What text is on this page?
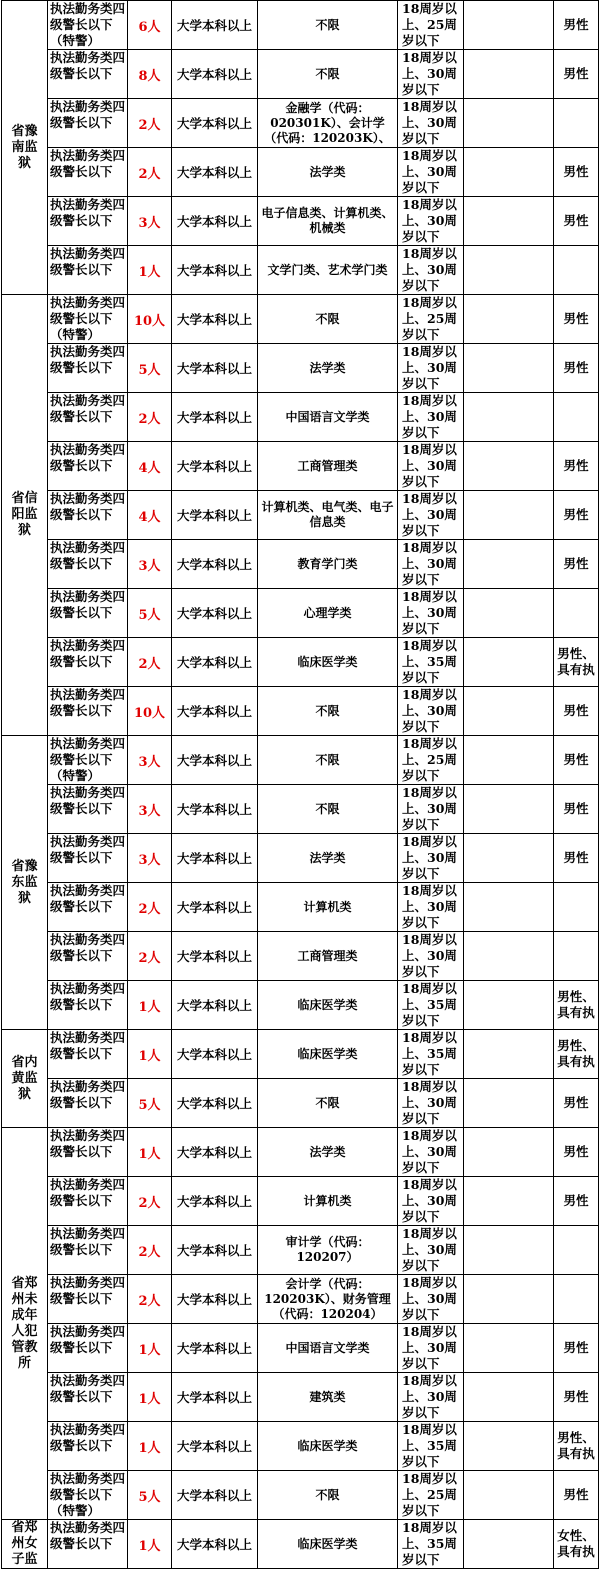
省豫南监狱	执法勤务类四级警长以下（特警）	6人	大学本科以上	不限	18周岁以上、25周岁以下		男性

	执法勤务类四级警长以下	8人	大学本科以上	不限	18周岁以上、30周岁以下		男性

	执法勤务类四级警长以下	2人	大学本科以上	金融学（代码：020301K）、会计学（代码：120203K）、	18周岁以上、30周岁以下		

	执法勤务类四级警长以下	2人	大学本科以上	法学类	18周岁以上、30周岁以下		男性

	执法勤务类四级警长以下	3人	大学本科以上	电子信息类、计算机类、机械类	18周岁以上、30周岁以下		男性

	执法勤务类四级警长以下	1人	大学本科以上	文学门类、艺术学门类	18周岁以上、30周岁以下		

省信阳监狱	执法勤务类四级警长以下（特警）	10人	大学本科以上	不限	18周岁以上、25周岁以下		男性

	执法勤务类四级警长以下	5人	大学本科以上	法学类	18周岁以上、30周岁以下		男性

	执法勤务类四级警长以下	2人	大学本科以上	中国语言文学类	18周岁以上、30周岁以下		

	执法勤务类四级警长以下	4人	大学本科以上	工商管理类	18周岁以上、30周岁以下		男性

	执法勤务类四级警长以下	4人	大学本科以上	计算机类、电气类、电子信息类	18周岁以上、30周岁以下		男性

	执法勤务类四级警长以下	3人	大学本科以上	教育学门类	18周岁以上、30周岁以下		男性

	执法勤务类四级警长以下	5人	大学本科以上	心理学类	18周岁以上、30周岁以下		

	执法勤务类四级警长以下	2人	大学本科以上	临床医学类	18周岁以上、35周岁以下		男性、具有执

	执法勤务类四级警长以下	10人	大学本科以上	不限	18周岁以上、30周岁以下		男性

省豫东监狱	执法勤务类四级警长以下（特警）	3人	大学本科以上	不限	18周岁以上、25周岁以下		男性

	执法勤务类四级警长以下	3人	大学本科以上	不限	18周岁以上、30周岁以下		男性

	执法勤务类四级警长以下	3人	大学本科以上	法学类	18周岁以上、30周岁以下		男性

	执法勤务类四级警长以下	2人	大学本科以上	计算机类	18周岁以上、30周岁以下		

	执法勤务类四级警长以下	2人	大学本科以上	工商管理类	18周岁以上、30周岁以下		

	执法勤务类四级警长以下	1人	大学本科以上	临床医学类	18周岁以上、35周岁以下		男性、具有执

省内黄监狱	执法勤务类四级警长以下	1人	大学本科以上	临床医学类	18周岁以上、35周岁以下		男性、具有执

	执法勤务类四级警长以下	5人	大学本科以上	不限	18周岁以上、30周岁以下		男性

省郑州未成年人犯管教所	执法勤务类四级警长以下	1人	大学本科以上	法学类	18周岁以上、30周岁以下		男性

	执法勤务类四级警长以下	2人	大学本科以上	计算机类	18周岁以上、30周岁以下		男性

	执法勤务类四级警长以下	2人	大学本科以上	审计学（代码：120207）	18周岁以上、30周岁以下		

	执法勤务类四级警长以下	2人	大学本科以上	会计学（代码：120203K）、财务管理（代码：120204）	18周岁以上、30周岁以下		

	执法勤务类四级警长以下	1人	大学本科以上	中国语言文学类	18周岁以上、30周岁以下		男性

	执法勤务类四级警长以下	1人	大学本科以上	建筑类	18周岁以上、30周岁以下		男性

	执法勤务类四级警长以下	1人	大学本科以上	临床医学类	18周岁以上、35周岁以下		男性、具有执

	执法勤务类四级警长以下（特警）	5人	大学本科以上	不限	18周岁以上、25周岁以下		男性

省郑州女子监	执法勤务类四级警长以下	1人	大学本科以上	临床医学类	18周岁以上、35周岁以下		女性、具有执
